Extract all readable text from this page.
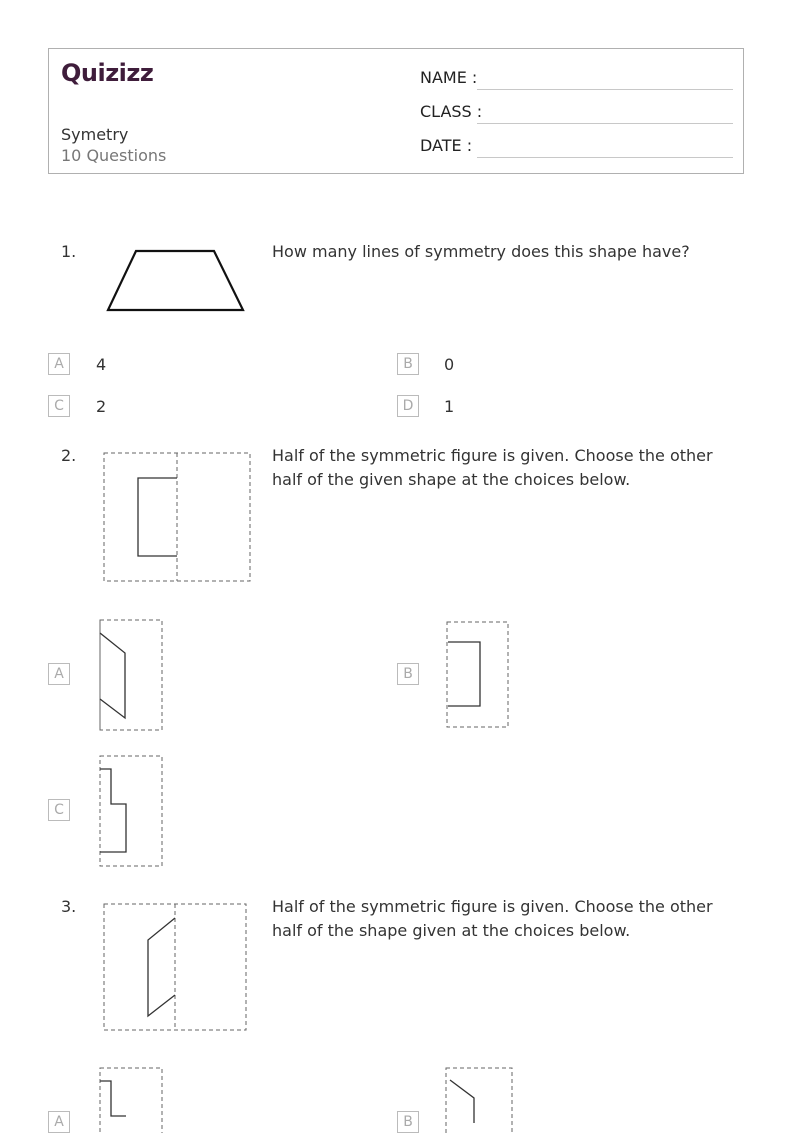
Quizizz
Symetry
10 Questions
NAME :
CLASS :
DATE :
1.	How many lines of symmetry does this shape have?
A	4	B	0
C	2	D	1
2.	Half of the symmetric figure is given. Choose the other half of the given shape at the choices below.
A	B
C
3.	Half of the symmetric figure is given. Choose the other half of the shape given at the choices below.
A	B
